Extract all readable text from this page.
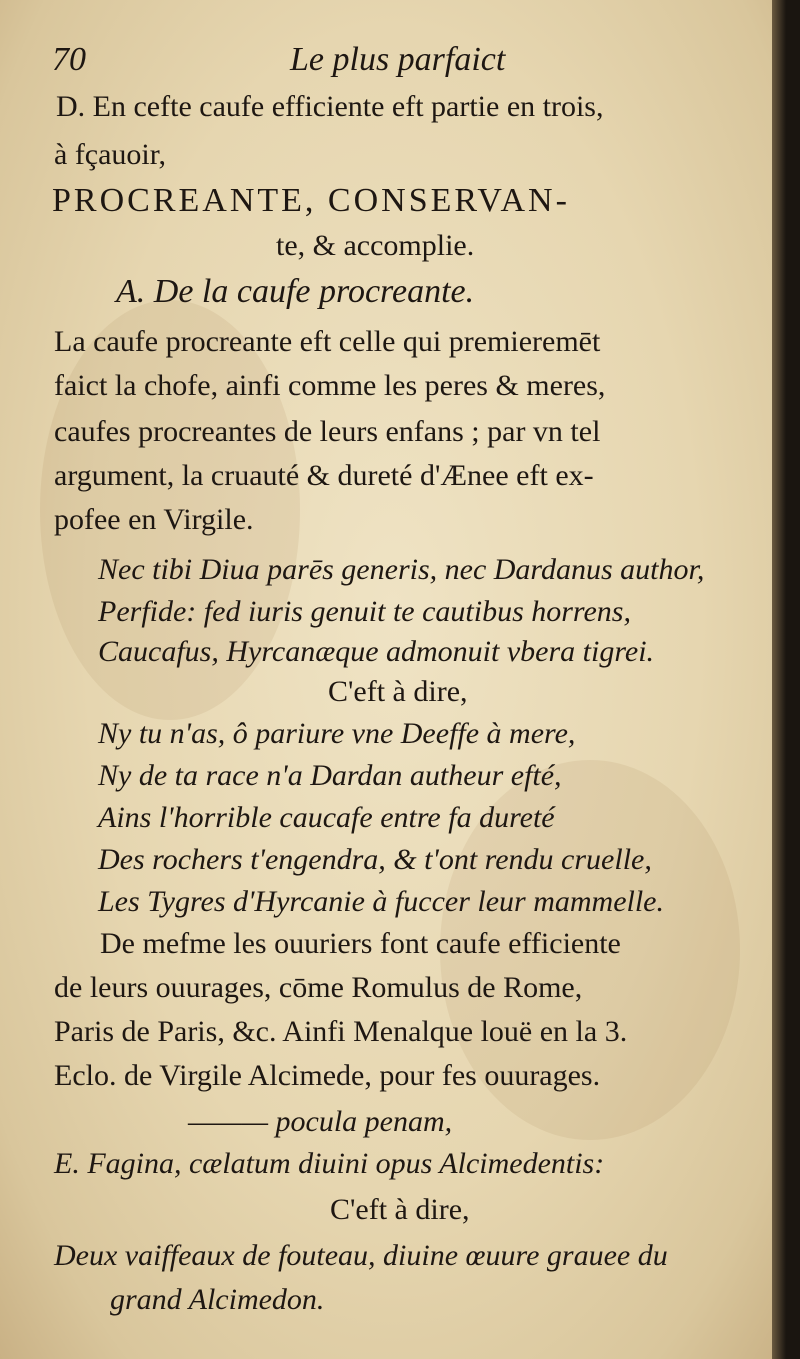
70	Le plus parfaict
D. En cefte caufe efficiente eft partie en trois,
à fçauoir,
PROCREANTE, CONSERVAN-
te, & accomplie.
A. De la caufe procreante.
La caufe procreante eft celle qui premieremēt
faict la chofe, ainfi comme les peres & meres,
caufes procreantes de leurs enfans ; par vn tel
argument, la cruauté & dureté d'Ænee eft ex-
pofee en Virgile.
Nec tibi Diua parēs generis, nec Dardanus author,
Perfide: fed iuris genuit te cautibus horrens,
Caucafus, Hyrcanæque admonuit vbera tigrei.
C'eft à dire,
Ny tu n'as, ô pariure vne Deeffe à mere,
Ny de ta race n'a Dardan autheur efté,
Ains l'horrible caucafe entre fa dureté
Des rochers t'engendra, & t'ont rendu cruelle,
Les Tygres d'Hyrcanie à fuccer leur mammelle.
De mefme les ouuriers font caufe efficiente
de leurs ouurages, cōme Romulus de Rome,
Paris de Paris, &c. Ainfi Menalque louë en la 3.
Eclo. de Virgile Alcimede, pour fes ouurages.
——— pocula penam,
E. Fagina, cælatum diuini opus Alcimedentis:
C'eft à dire,
Deux vaiffeaux de fouteau, diuine œuure grauee du
grand Alcimedon.
